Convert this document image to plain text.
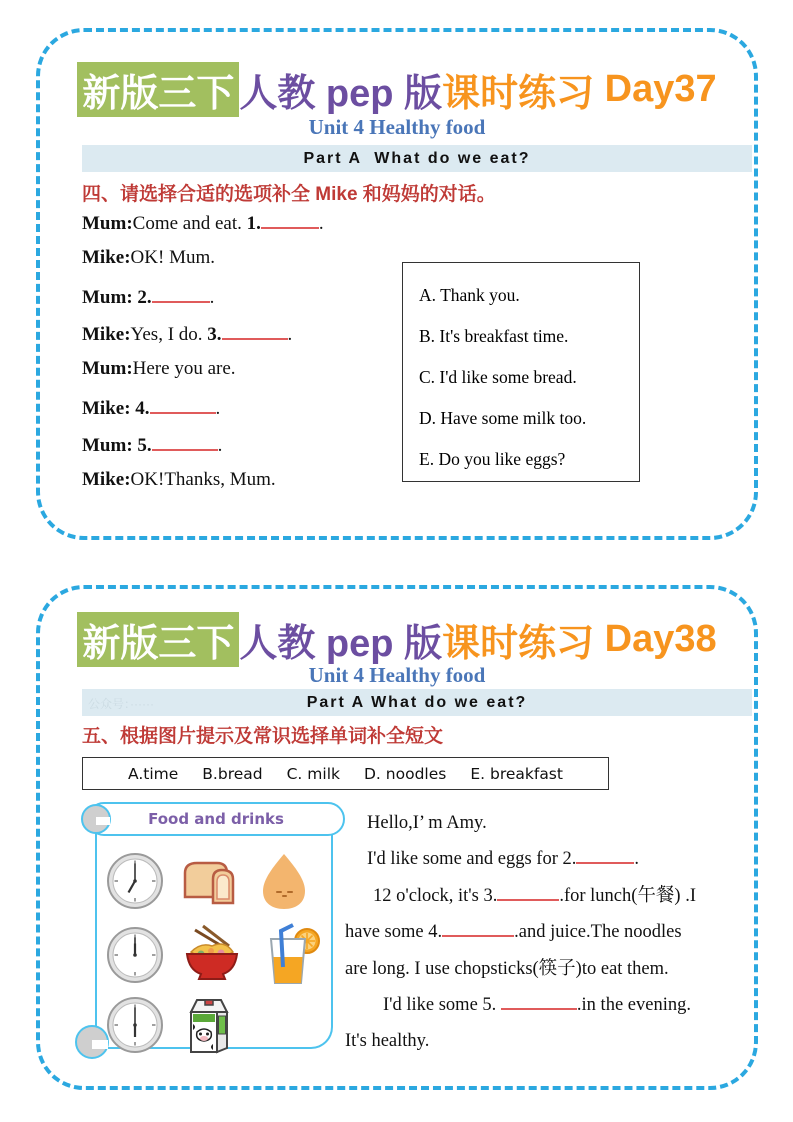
新版三下 人教 pep 版 课时练习 Day37
Unit 4 Healthy food
Part A  What do we eat?
四、请选择合适的选项补全 Mike 和妈妈的对话。
Mum:Come and eat. 1.	.
Mike:OK! Mum.
Mum: 2.	.
Mike:Yes, I do. 3.	.
Mum:Here you are.
Mike: 4.	.
Mum: 5.	.
Mike:OK!Thanks, Mum.
A. Thank you.
B. It's breakfast time.
C. I'd like some bread.
D. Have some milk too.
E. Do you like eggs?
新版三下 人教 pep 版 课时练习 Day38
Unit 4 Healthy food
公众号：······	Part A What do we eat?
五、根据图片提示及常识选择单词补全短文
A.time B.bread C. milk D. noodles E. breakfast
Food and drinks	Hello,I’ m Amy.
I'd like some and eggs for 2.	.
12 o'clock, it's 3.	.for lunch(午餐) .I
have some 4.	.and juice.The noodles
are long. I use chopsticks(筷子)to eat them.
I'd like some 5.	.in the evening.
It's healthy.
